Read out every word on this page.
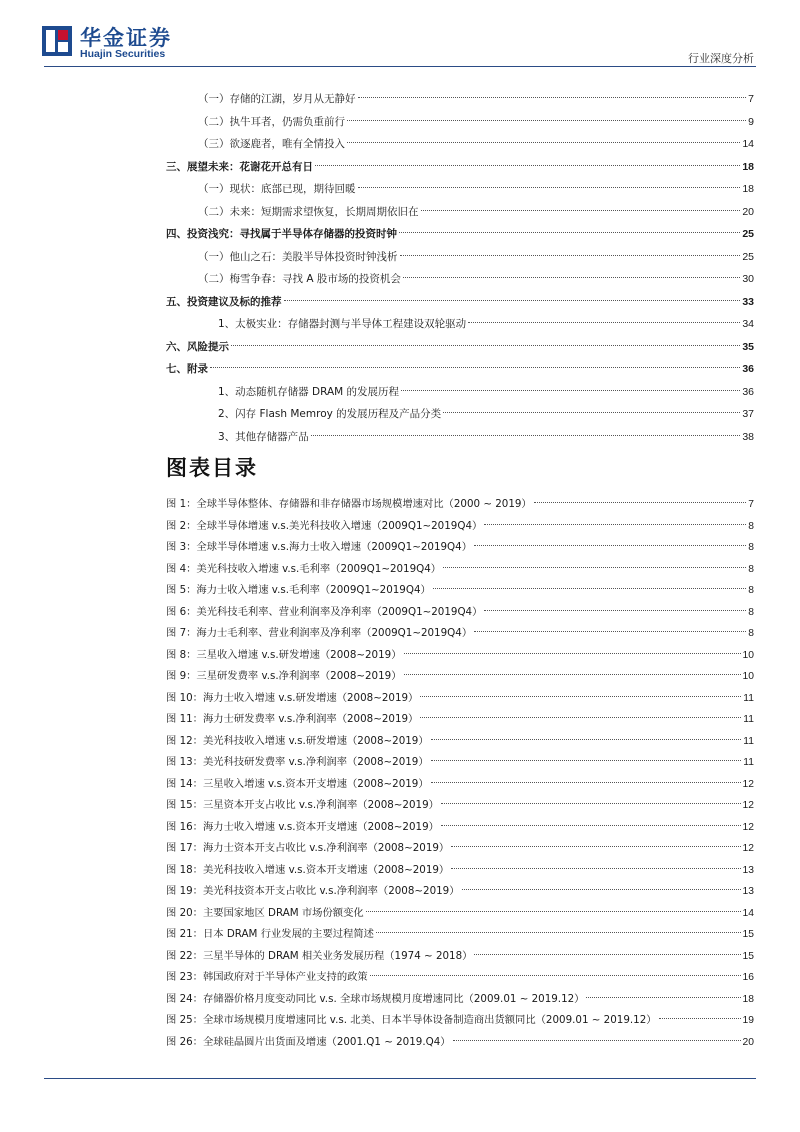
华金证券
Huajin Securities	行业深度分析
（一）存储的江湖，岁月从无静好	7
（二）执牛耳者，仍需负重前行	9
（三）欲逐鹿者，唯有全情投入	14
三、展望未来：花谢花开总有日	18
（一）现状：底部已现，期待回暖	18
（二）未来：短期需求望恢复，长期周期依旧在	20
四、投资浅究：寻找属于半导体存储器的投资时钟	25
（一）他山之石：美股半导体投资时钟浅析	25
（二）梅雪争春：寻找 A 股市场的投资机会	30
五、投资建议及标的推荐	33
1、太极实业：存储器封测与半导体工程建设双轮驱动	34
六、风险提示	35
七、附录	36
1、动态随机存储器 DRAM 的发展历程	36
2、闪存 Flash Memroy 的发展历程及产品分类	37
3、其他存储器产品	38
图表目录
图 1：全球半导体整体、存储器和非存储器市场规模增速对比（2000 ~ 2019）	7
图 2：全球半导体增速 v.s.美光科技收入增速（2009Q1~2019Q4）	8
图 3：全球半导体增速 v.s.海力士收入增速（2009Q1~2019Q4）	8
图 4：美光科技收入增速 v.s.毛利率（2009Q1~2019Q4）	8
图 5：海力士收入增速 v.s.毛利率（2009Q1~2019Q4）	8
图 6：美光科技毛利率、营业利润率及净利率（2009Q1~2019Q4）	8
图 7：海力士毛利率、营业利润率及净利率（2009Q1~2019Q4）	8
图 8：三星收入增速 v.s.研发增速（2008~2019）	10
图 9：三星研发费率 v.s.净利润率（2008~2019）	10
图 10：海力士收入增速 v.s.研发增速（2008~2019）	11
图 11：海力士研发费率 v.s.净利润率（2008~2019）	11
图 12：美光科技收入增速 v.s.研发增速（2008~2019）	11
图 13：美光科技研发费率 v.s.净利润率（2008~2019）	11
图 14：三星收入增速 v.s.资本开支增速（2008~2019）	12
图 15：三星资本开支占收比 v.s.净利润率（2008~2019）	12
图 16：海力士收入增速 v.s.资本开支增速（2008~2019）	12
图 17：海力士资本开支占收比 v.s.净利润率（2008~2019）	12
图 18：美光科技收入增速 v.s.资本开支增速（2008~2019）	13
图 19：美光科技资本开支占收比 v.s.净利润率（2008~2019）	13
图 20：主要国家地区 DRAM 市场份额变化	14
图 21：日本 DRAM 行业发展的主要过程简述	15
图 22：三星半导体的 DRAM 相关业务发展历程（1974 ~ 2018）	15
图 23：韩国政府对于半导体产业支持的政策	16
图 24：存储器价格月度变动同比 v.s. 全球市场规模月度增速同比（2009.01 ~ 2019.12）	18
图 25：全球市场规模月度增速同比 v.s. 北美、日本半导体设备制造商出货额同比（2009.01 ~ 2019.12）	19
图 26：全球硅晶圆片出货面及增速（2001.Q1 ~ 2019.Q4）	20
